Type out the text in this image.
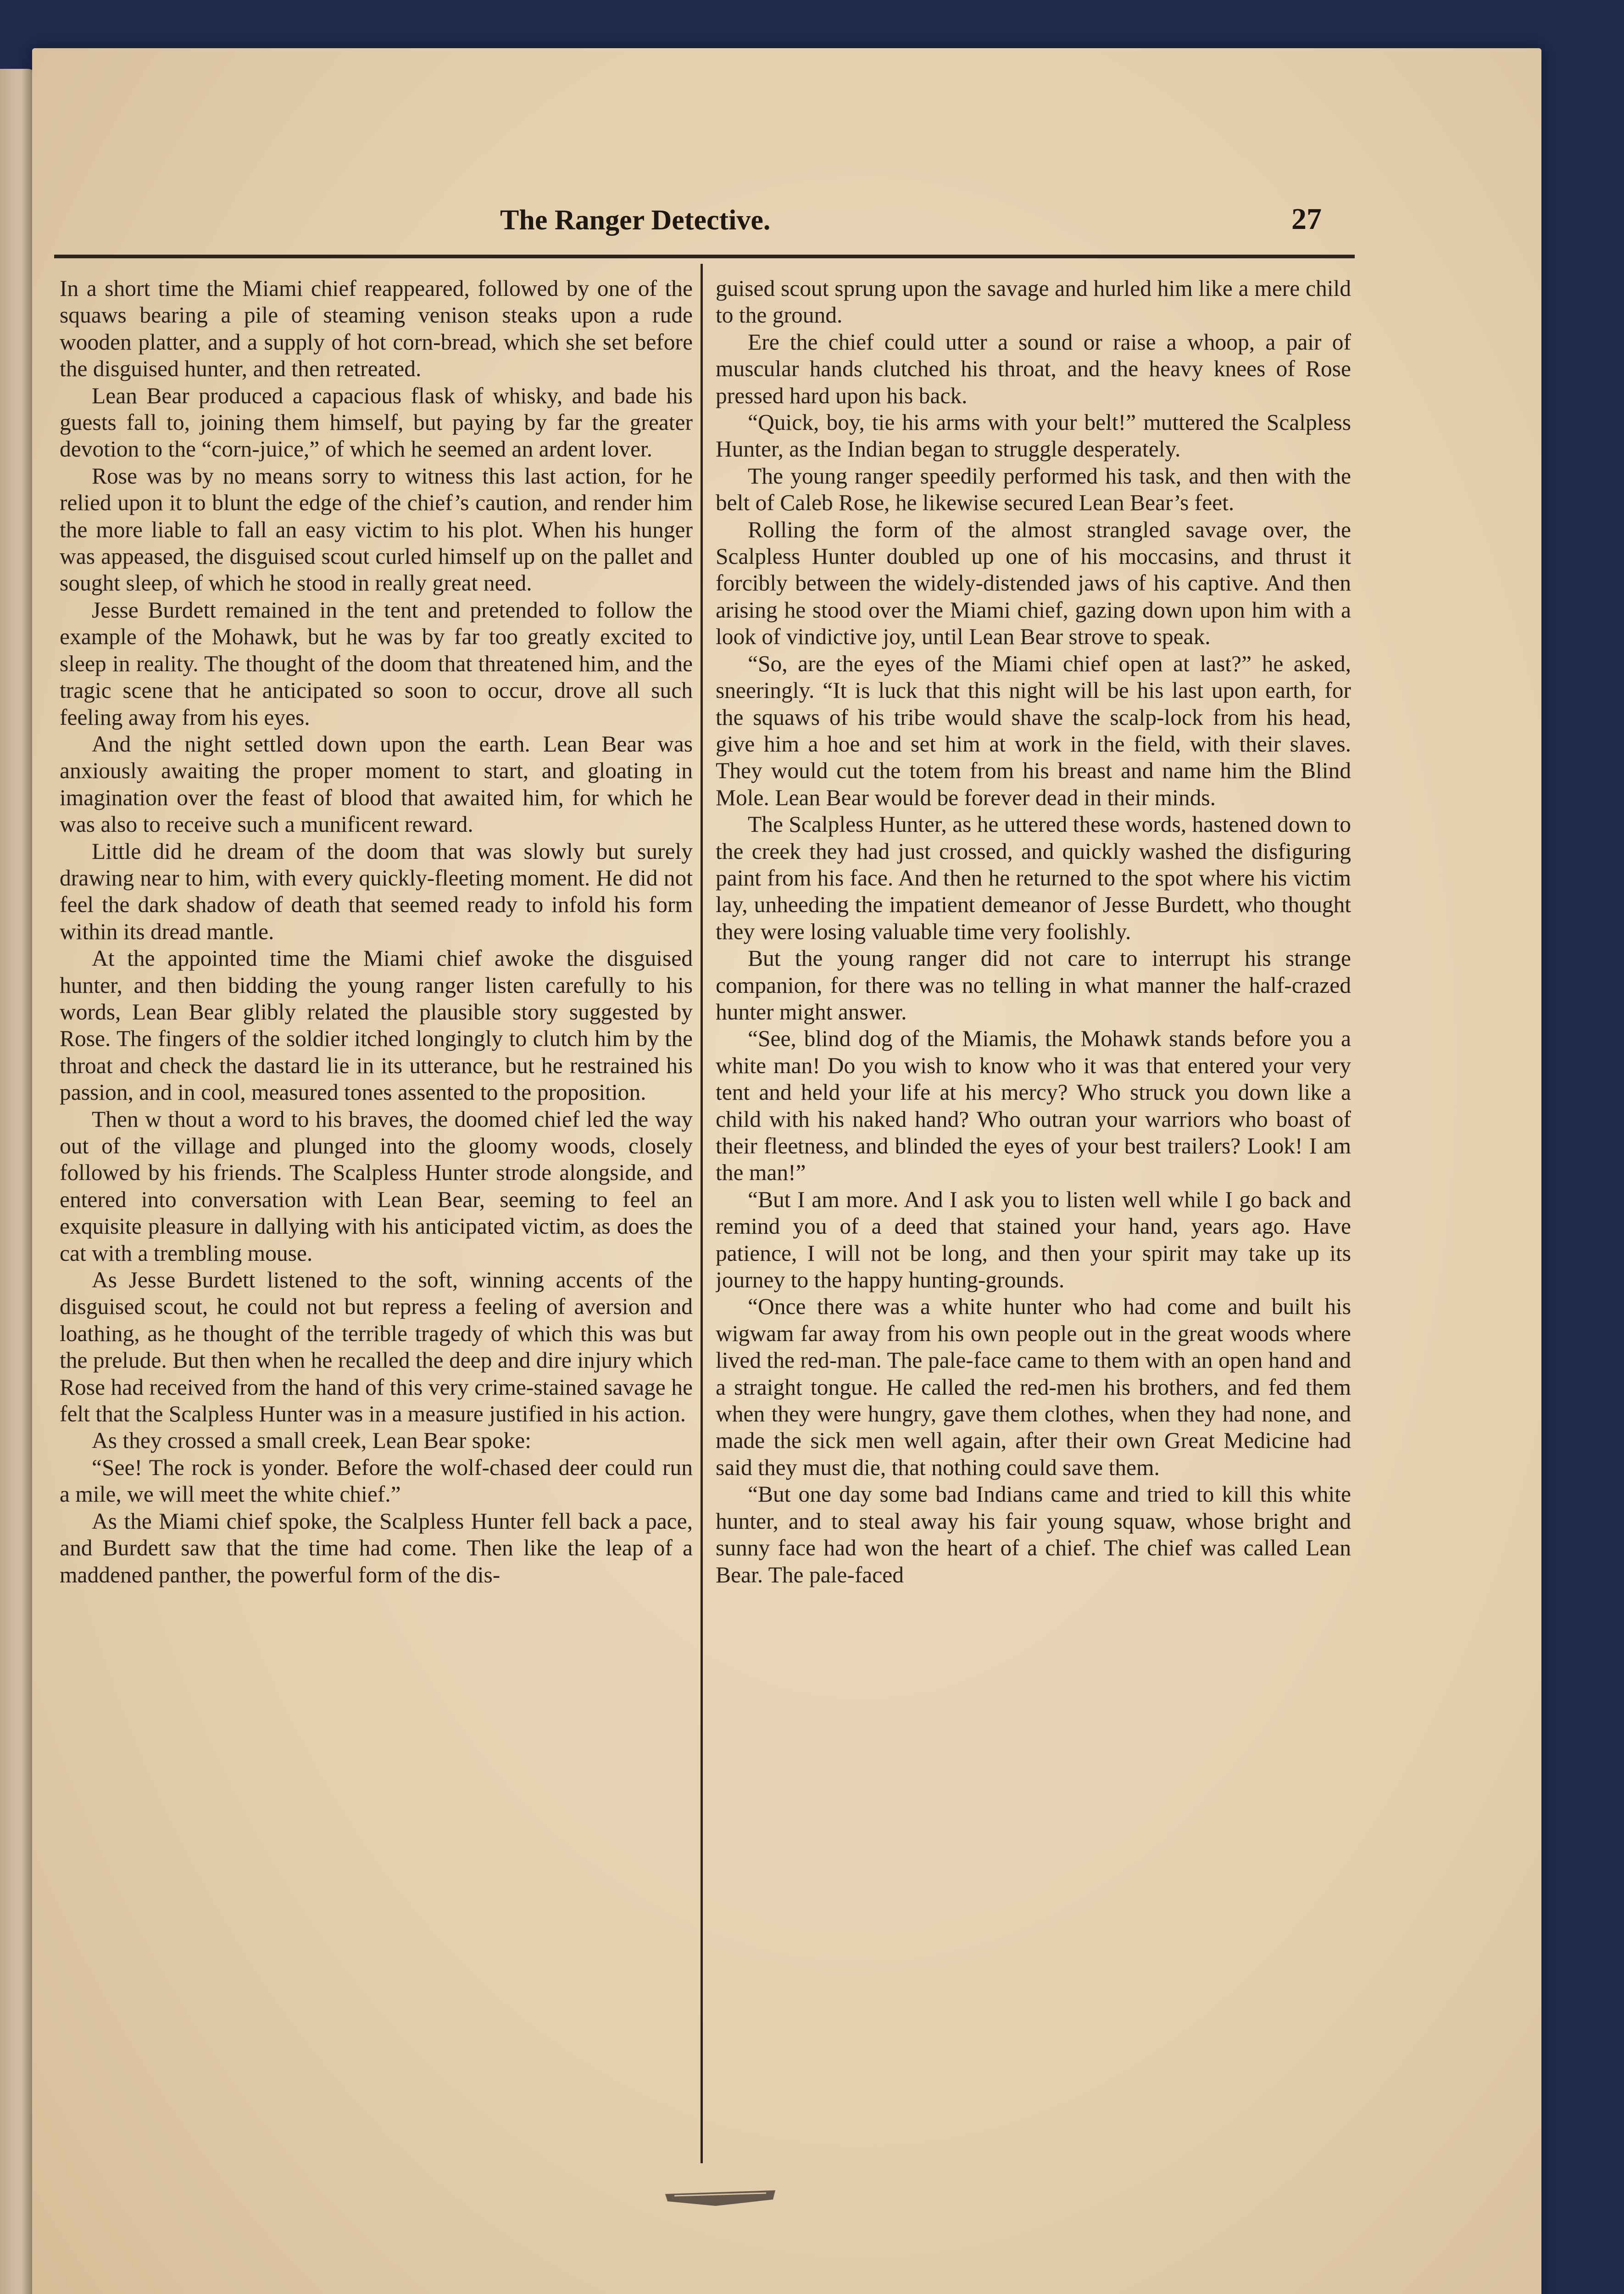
The Ranger Detective.	27

In a short time the Miami chief reappeared, followed by one of the squaws bearing a pile of steaming venison steaks upon a rude wooden platter, and a supply of hot corn-bread, which she set before the disguised hunter, and then retreated.

Lean Bear produced a capacious flask of whisky, and bade his guests fall to, joining them himself, but paying by far the greater devotion to the “corn-juice,” of which he seemed an ardent lover.

Rose was by no means sorry to witness this last action, for he relied upon it to blunt the edge of the chief’s caution, and render him the more liable to fall an easy victim to his plot. When his hunger was appeased, the disguised scout curled himself up on the pallet and sought sleep, of which he stood in really great need.

Jesse Burdett remained in the tent and pretended to follow the example of the Mohawk, but he was by far too greatly excited to sleep in reality. The thought of the doom that threatened him, and the tragic scene that he anticipated so soon to occur, drove all such feeling away from his eyes.

And the night settled down upon the earth. Lean Bear was anxiously awaiting the proper moment to start, and gloating in imagination over the feast of blood that awaited him, for which he was also to receive such a munificent reward.

Little did he dream of the doom that was slowly but surely drawing near to him, with every quickly-fleeting moment. He did not feel the dark shadow of death that seemed ready to infold his form within its dread mantle.

At the appointed time the Miami chief awoke the disguised hunter, and then bidding the young ranger listen carefully to his words, Lean Bear glibly related the plausible story suggested by Rose. The fingers of the soldier itched longingly to clutch him by the throat and check the dastard lie in its utterance, but he restrained his passion, and in cool, measured tones assented to the proposition.

Then w thout a word to his braves, the doomed chief led the way out of the village and plunged into the gloomy woods, closely followed by his friends. The Scalpless Hunter strode alongside, and entered into conversation with Lean Bear, seeming to feel an exquisite pleasure in dallying with his anticipated victim, as does the cat with a trembling mouse.

As Jesse Burdett listened to the soft, winning accents of the disguised scout, he could not but repress a feeling of aversion and loathing, as he thought of the terrible tragedy of which this was but the prelude. But then when he recalled the deep and dire injury which Rose had received from the hand of this very crime-stained savage he felt that the Scalpless Hunter was in a measure justified in his action.

As they crossed a small creek, Lean Bear spoke:

“See! The rock is yonder. Before the wolf-chased deer could run a mile, we will meet the white chief.”

As the Miami chief spoke, the Scalpless Hunter fell back a pace, and Burdett saw that the time had come. Then like the leap of a maddened panther, the powerful form of the dis-

guised scout sprung upon the savage and hurled him like a mere child to the ground.

Ere the chief could utter a sound or raise a whoop, a pair of muscular hands clutched his throat, and the heavy knees of Rose pressed hard upon his back.

“Quick, boy, tie his arms with your belt!” muttered the Scalpless Hunter, as the Indian began to struggle desperately.

The young ranger speedily performed his task, and then with the belt of Caleb Rose, he likewise secured Lean Bear’s feet.

Rolling the form of the almost strangled savage over, the Scalpless Hunter doubled up one of his moccasins, and thrust it forcibly between the widely-distended jaws of his captive. And then arising he stood over the Miami chief, gazing down upon him with a look of vindictive joy, until Lean Bear strove to speak.

“So, are the eyes of the Miami chief open at last?” he asked, sneeringly. “It is luck that this night will be his last upon earth, for the squaws of his tribe would shave the scalp-lock from his head, give him a hoe and set him at work in the field, with their slaves. They would cut the totem from his breast and name him the Blind Mole. Lean Bear would be forever dead in their minds.

The Scalpless Hunter, as he uttered these words, hastened down to the creek they had just crossed, and quickly washed the disfiguring paint from his face. And then he returned to the spot where his victim lay, unheeding the impatient demeanor of Jesse Burdett, who thought they were losing valuable time very foolishly.

But the young ranger did not care to interrupt his strange companion, for there was no telling in what manner the half-crazed hunter might answer.

“See, blind dog of the Miamis, the Mohawk stands before you a white man! Do you wish to know who it was that entered your very tent and held your life at his mercy? Who struck you down like a child with his naked hand? Who outran your warriors who boast of their fleetness, and blinded the eyes of your best trailers? Look! I am the man!”

“But I am more. And I ask you to listen well while I go back and remind you of a deed that stained your hand, years ago. Have patience, I will not be long, and then your spirit may take up its journey to the happy hunting-grounds.

“Once there was a white hunter who had come and built his wigwam far away from his own people out in the great woods where lived the red-man. The pale-face came to them with an open hand and a straight tongue. He called the red-men his brothers, and fed them when they were hungry, gave them clothes, when they had none, and made the sick men well again, after their own Great Medicine had said they must die, that nothing could save them.

“But one day some bad Indians came and tried to kill this white hunter, and to steal away his fair young squaw, whose bright and sunny face had won the heart of a chief. The chief was called Lean Bear. The pale-faced
